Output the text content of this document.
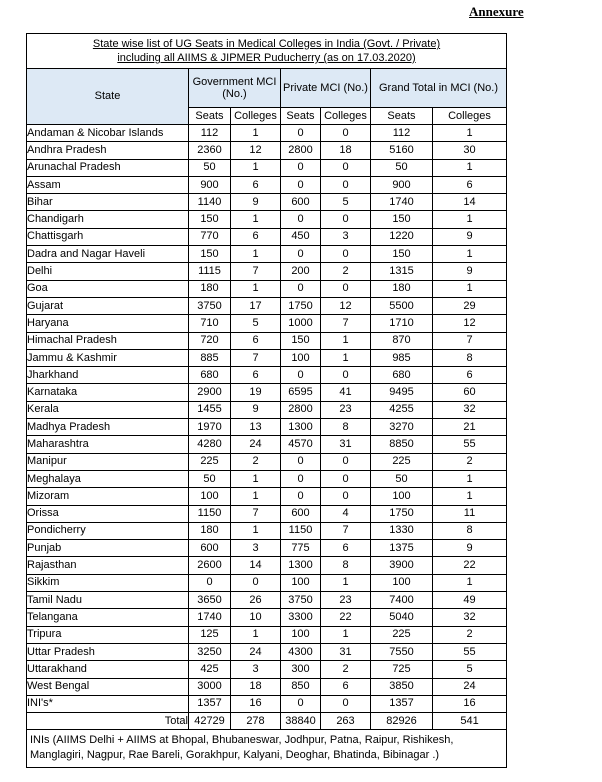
Annexure
State wise list of UG Seats in Medical Colleges in India (Govt. / Private)
including all AIIMS & JIPMER Puducherry (as on 17.03.2020)						
State	Government MCI (No.)		Private MCI (No.)		Grand Total in MCI (No.)	
	Seats	Colleges	Seats	Colleges	Seats	Colleges
Andaman & Nicobar Islands	112	1	0	0	112	1
Andhra Pradesh	2360	12	2800	18	5160	30
Arunachal Pradesh	50	1	0	0	50	1
Assam	900	6	0	0	900	6
Bihar	1140	9	600	5	1740	14
Chandigarh	150	1	0	0	150	1
Chattisgarh	770	6	450	3	1220	9
Dadra and Nagar Haveli	150	1	0	0	150	1
Delhi	1115	7	200	2	1315	9
Goa	180	1	0	0	180	1
Gujarat	3750	17	1750	12	5500	29
Haryana	710	5	1000	7	1710	12
Himachal Pradesh	720	6	150	1	870	7
Jammu & Kashmir	885	7	100	1	985	8
Jharkhand	680	6	0	0	680	6
Karnataka	2900	19	6595	41	9495	60
Kerala	1455	9	2800	23	4255	32
Madhya Pradesh	1970	13	1300	8	3270	21
Maharashtra	4280	24	4570	31	8850	55
Manipur	225	2	0	0	225	2
Meghalaya	50	1	0	0	50	1
Mizoram	100	1	0	0	100	1
Orissa	1150	7	600	4	1750	11
Pondicherry	180	1	1150	7	1330	8
Punjab	600	3	775	6	1375	9
Rajasthan	2600	14	1300	8	3900	22
Sikkim	0	0	100	1	100	1
Tamil Nadu	3650	26	3750	23	7400	49
Telangana	1740	10	3300	22	5040	32
Tripura	125	1	100	1	225	2
Uttar Pradesh	3250	24	4300	31	7550	55
Uttarakhand	425	3	300	2	725	5
West Bengal	3000	18	850	6	3850	24
INI's*	1357	16	0	0	1357	16
Total	42729	278	38840	263	82926	541
INIs (AIIMS Delhi + AIIMS at Bhopal, Bhubaneswar, Jodhpur, Patna, Raipur, Rishikesh,
Manglagiri, Nagpur, Rae Bareli, Gorakhpur, Kalyani, Deoghar, Bhatinda, Bibinagar .)						
